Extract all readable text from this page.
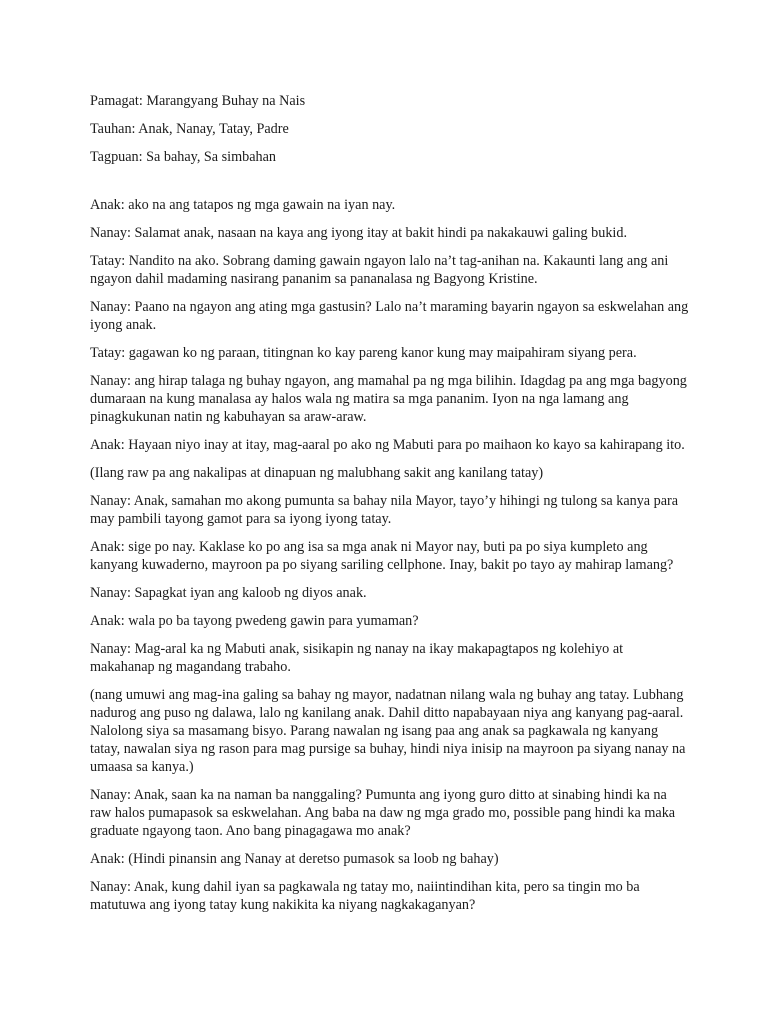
Pamagat: Marangyang Buhay na Nais

Tauhan: Anak, Nanay, Tatay, Padre

Tagpuan: Sa bahay, Sa simbahan

Anak: ako na ang tatapos ng mga gawain na iyan nay.

Nanay: Salamat anak, nasaan na kaya ang iyong itay at bakit hindi pa nakakauwi galing bukid.

Tatay: Nandito na ako. Sobrang daming gawain ngayon lalo na’t tag-anihan na. Kakaunti lang ang ani ngayon dahil madaming nasirang pananim sa pananalasa ng Bagyong Kristine.

Nanay: Paano na ngayon ang ating mga gastusin? Lalo na’t maraming bayarin ngayon sa eskwelahan ang iyong anak.

Tatay: gagawan ko ng paraan, titingnan ko kay pareng kanor kung may maipahiram siyang pera.

Nanay: ang hirap talaga ng buhay ngayon, ang mamahal pa ng mga bilihin. Idagdag pa ang mga bagyong dumaraan na kung manalasa ay halos wala ng matira sa mga pananim. Iyon na nga lamang ang pinagkukunan natin ng kabuhayan sa araw-araw.

Anak: Hayaan niyo inay at itay, mag-aaral po ako ng Mabuti para po maihaon ko kayo sa kahirapang ito.

(Ilang raw pa ang nakalipas at dinapuan ng malubhang sakit ang kanilang tatay)

Nanay: Anak, samahan mo akong pumunta sa bahay nila Mayor, tayo’y hihingi ng tulong sa kanya para may pambili tayong gamot para sa iyong iyong tatay.

Anak: sige po nay. Kaklase ko po ang isa sa mga anak ni Mayor nay, buti pa po siya kumpleto ang kanyang kuwaderno, mayroon pa po siyang sariling cellphone. Inay, bakit po tayo ay mahirap lamang?

Nanay: Sapagkat iyan ang kaloob ng diyos anak.

Anak: wala po ba tayong pwedeng gawin para yumaman?

Nanay: Mag-aral ka ng Mabuti anak, sisikapin ng nanay na ikay makapagtapos ng kolehiyo at makahanap ng magandang trabaho.

(nang umuwi ang mag-ina galing sa bahay ng mayor, nadatnan nilang wala ng buhay ang tatay. Lubhang nadurog ang puso ng dalawa, lalo ng kanilang anak. Dahil ditto napabayaan niya ang kanyang pag-aaral. Nalolong siya sa masamang bisyo. Parang nawalan ng isang paa ang anak sa pagkawala ng kanyang tatay, nawalan siya ng rason para mag pursige sa buhay, hindi niya inisip na mayroon pa siyang nanay na umaasa sa kanya.)

Nanay: Anak, saan ka na naman ba nanggaling? Pumunta ang iyong guro ditto at sinabing hindi ka na raw halos pumapasok sa eskwelahan. Ang baba na daw ng mga grado mo, possible pang hindi ka maka graduate ngayong taon. Ano bang pinagagawa mo anak?

Anak: (Hindi pinansin ang Nanay at deretso pumasok sa loob ng bahay)

Nanay: Anak, kung dahil iyan sa pagkawala ng tatay mo, naiintindihan kita, pero sa tingin mo ba matutuwa ang iyong tatay kung nakikita ka niyang nagkakaganyan?
